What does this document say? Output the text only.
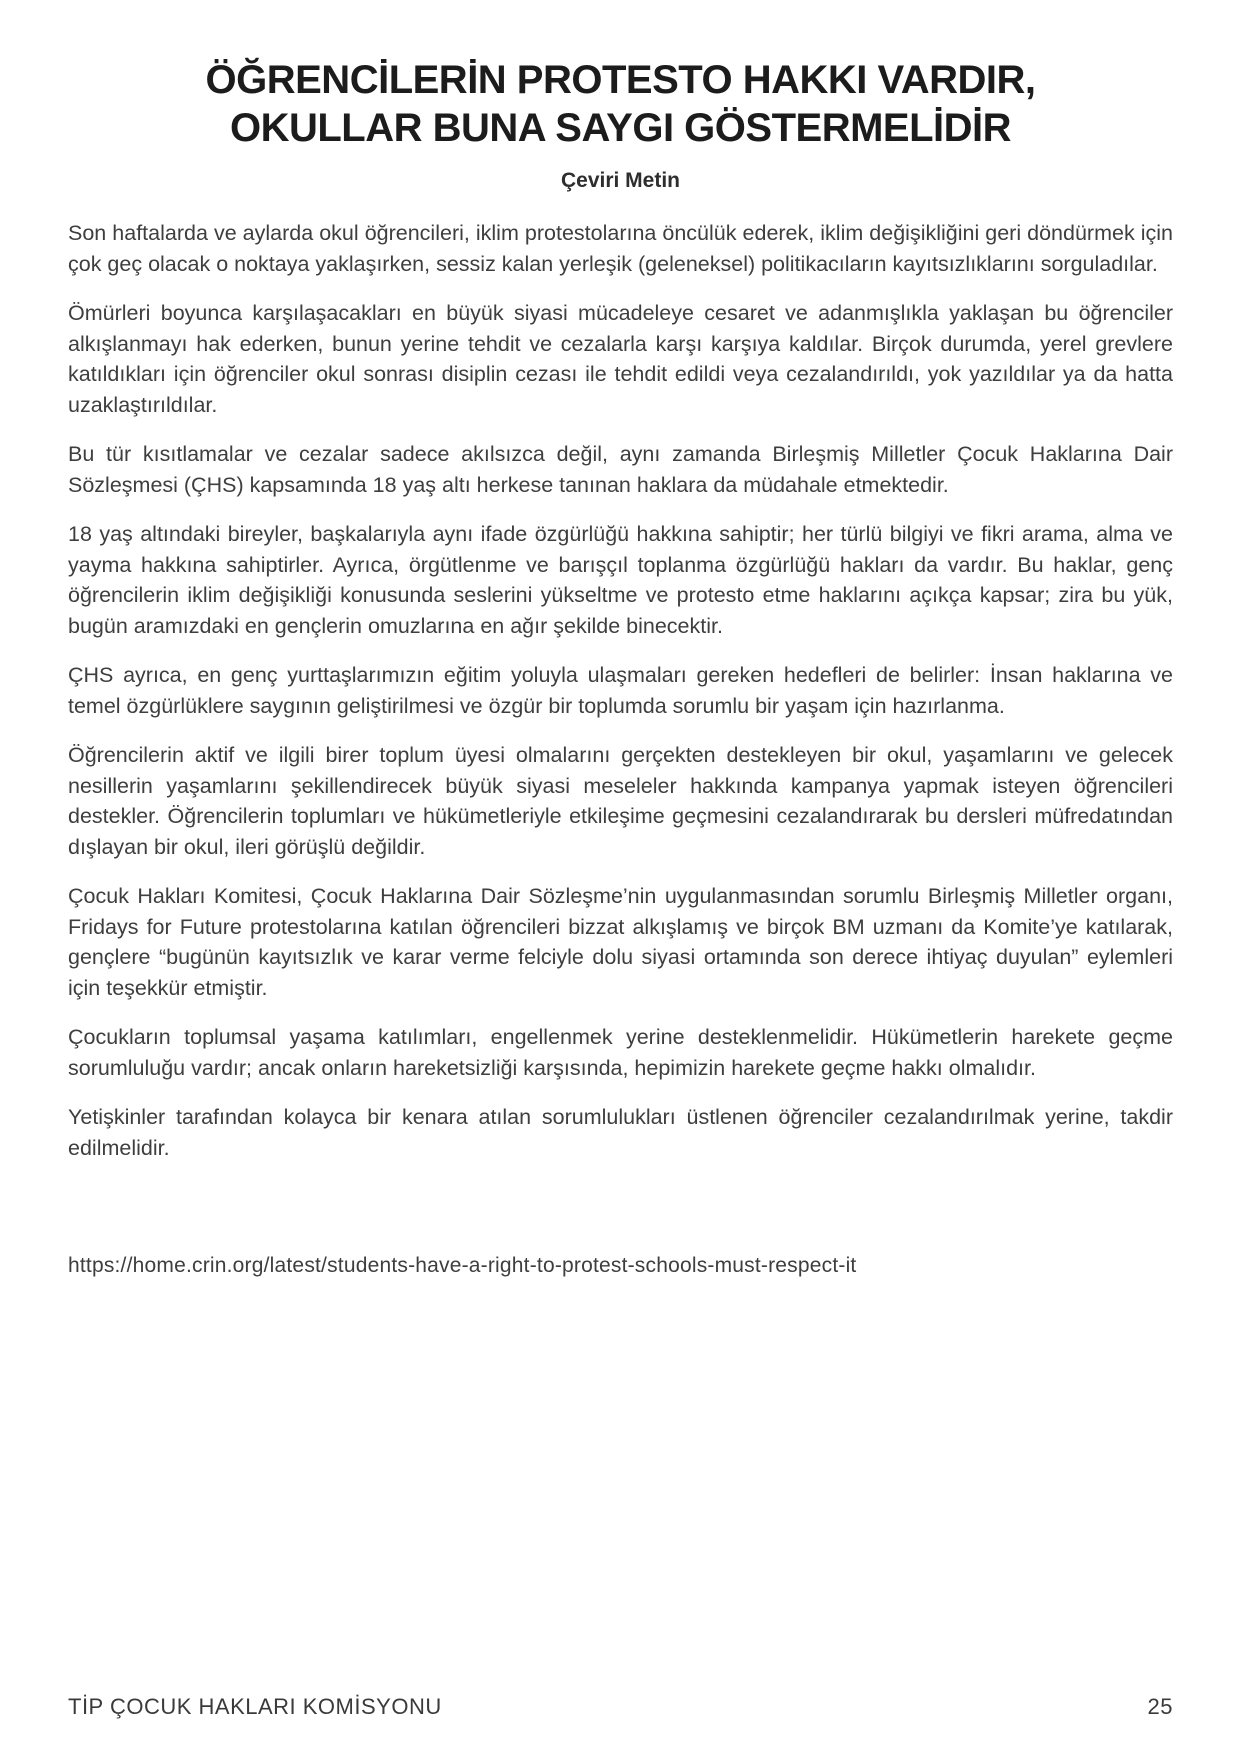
ÖĞRENCİLERİN PROTESTO HAKKI VARDIR,
OKULLAR BUNA SAYGI GÖSTERMELİDİR
Çeviri Metin

Son haftalarda ve aylarda okul öğrencileri, iklim protestolarına öncülük ederek, iklim değişikliğini geri döndürmek için çok geç olacak o noktaya yaklaşırken, sessiz kalan yerleşik (geleneksel) politikacıların kayıtsızlıklarını sorguladılar.

Ömürleri boyunca karşılaşacakları en büyük siyasi mücadeleye cesaret ve adanmışlıkla yaklaşan bu öğrenciler alkışlanmayı hak ederken, bunun yerine tehdit ve cezalarla karşı karşıya kaldılar. Birçok durumda, yerel grevlere katıldıkları için öğrenciler okul sonrası disiplin cezası ile tehdit edildi veya cezalandırıldı, yok yazıldılar ya da hatta uzaklaştırıldılar.

Bu tür kısıtlamalar ve cezalar sadece akılsızca değil, aynı zamanda Birleşmiş Milletler Çocuk Haklarına Dair Sözleşmesi (ÇHS) kapsamında 18 yaş altı herkese tanınan haklara da müdahale etmektedir.

18 yaş altındaki bireyler, başkalarıyla aynı ifade özgürlüğü hakkına sahiptir; her türlü bilgiyi ve fikri arama, alma ve yayma hakkına sahiptirler. Ayrıca, örgütlenme ve barışçıl toplanma özgürlüğü hakları da vardır. Bu haklar, genç öğrencilerin iklim değişikliği konusunda seslerini yükseltme ve protesto etme haklarını açıkça kapsar; zira bu yük, bugün aramızdaki en gençlerin omuzlarına en ağır şekilde binecektir.

ÇHS ayrıca, en genç yurttaşlarımızın eğitim yoluyla ulaşmaları gereken hedefleri de belirler: İnsan haklarına ve temel özgürlüklere saygının geliştirilmesi ve özgür bir toplumda sorumlu bir yaşam için hazırlanma.

Öğrencilerin aktif ve ilgili birer toplum üyesi olmalarını gerçekten destekleyen bir okul, yaşamlarını ve gelecek nesillerin yaşamlarını şekillendirecek büyük siyasi meseleler hakkında kampanya yapmak isteyen öğrencileri destekler. Öğrencilerin toplumları ve hükümetleriyle etkileşime geçmesini cezalandırarak bu dersleri müfredatından dışlayan bir okul, ileri görüşlü değildir.

Çocuk Hakları Komitesi, Çocuk Haklarına Dair Sözleşme’nin uygulanmasından sorumlu Birleşmiş Milletler organı, Fridays for Future protestolarına katılan öğrencileri bizzat alkışlamış ve birçok BM uzmanı da Komite’ye katılarak, gençlere “bugünün kayıtsızlık ve karar verme felciyle dolu siyasi ortamında son derece ihtiyaç duyulan” eylemleri için teşekkür etmiştir.

Çocukların toplumsal yaşama katılımları, engellenmek yerine desteklenmelidir. Hükümetlerin harekete geçme sorumluluğu vardır; ancak onların hareketsizliği karşısında, hepimizin harekete geçme hakkı olmalıdır.

Yetişkinler tarafından kolayca bir kenara atılan sorumlulukları üstlenen öğrenciler cezalandırılmak yerine, takdir edilmelidir.

https://home.crin.org/latest/students-have-a-right-to-protest-schools-must-respect-it
TİP ÇOCUK HAKLARI KOMİSYONU	25
